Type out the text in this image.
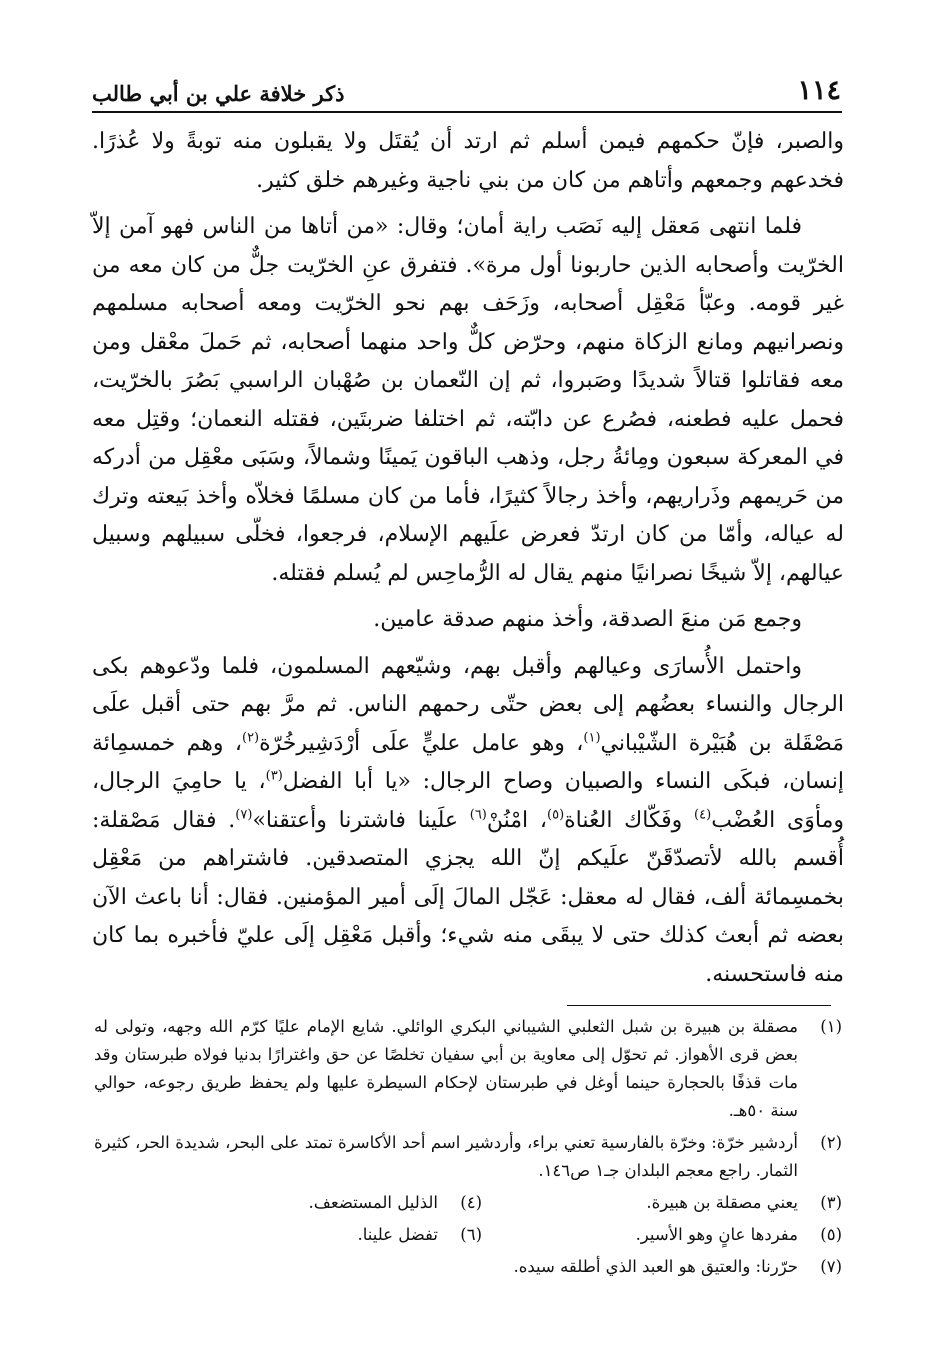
١١٤
ذكر خلافة علي بن أبي طالب

والصبر، فإنّ حكمهم فيمن أسلم ثم ارتد أن يُقتَل ولا يقبلون منه توبةً ولا عُذرًا. فخدعهم وجمعهم وأتاهم من كان من بني ناجية وغيرهم خلق كثير.

فلما انتهى مَعقل إليه نَصَب راية أمان؛ وقال: «من أتاها من الناس فهو آمن إلاّ الخرّيت وأصحابه الذين حاربونا أول مرة». فتفرق عنِ الخرّيت جلٌّ من كان معه من غير قومه. وعبّأ مَعْقِل أصحابه، وزَحَف بهم نحو الخرّيت ومعه أصحابه مسلمهم ونصرانيهم ومانع الزكاة منهم، وحرّض كلٌّ واحد منهما أصحابه، ثم حَملَ معْقل ومن معه فقاتلوا قتالاً شديدًا وصَبروا، ثم إن النّعمان بن صُهْبان الراسبي بَصُرَ بالخرّيت، فحمل عليه فطعنه، فصُرع عن دابّته، ثم اختلفا ضربتَين، فقتله النعمان؛ وقتِل معه في المعركة سبعون ومِائةُ رجل، وذهب الباقون يَمينًا وشمالاً، وسَبَى معْقِل من أدركه من حَريمهم وذَراريهم، وأخذ رجالاً كثيرًا، فأما من كان مسلمًا فخلاّه وأخذ بَيعته وترك له عياله، وأمّا من كان ارتدّ فعرض علَيهم الإسلام، فرجعوا، فخلّى سبيلهم وسبيل عيالهم، إلاّ شيخًا نصرانيًا منهم يقال له الرُّماحِس لم يُسلم فقتله.

وجمع مَن منعَ الصدقة، وأخذ منهم صدقة عامين.

واحتمل الأُسارَى وعيالهم وأقبل بهم، وشيّعهم المسلمون، فلما ودّعوهم بكى الرجال والنساء بعضُهم إلى بعض حتّى رحمهم الناس. ثم مرَّ بهم حتى أقبل علَى مَصْقَلة بن هُبَيْرة الشّيْباني$^{(١)}$، وهو عامل عليٍّ علَى أرْدَشِيرخُرّة$^{(٢)}$، وهم خمسمِائة إنسان، فبكَى النساء والصبيان وصاح الرجال: «يا أبا الفضل$^{(٣)}$، يا حامِيَ الرجال، ومأوَى العُضْب$^{(٤)}$ وفَكّاك العُناة$^{(٥)}$، امْنُنْ$^{(٦)}$ علَينا فاشترنا وأعتقنا»$^{(٧)}$. فقال مَصْقلة: أُقسم بالله لأتصدّقَنّ علَيكم إنّ الله يجزي المتصدقين. فاشتراهم من مَعْقِل بخمسِمائة ألف، فقال له معقل: عَجّل المالَ إلَى أمير المؤمنين. فقال: أنا باعث الآن بعضه ثم أبعث كذلك حتى لا يبقَى منه شيء؛ وأقبل مَعْقِل إلَى عليّ فأخبره بما كان منه فاستحسنه.

(١)
مصقلة بن هبيرة بن شبل الثعلبي الشيباني البكري الوائلي. شايع الإمام عليًا كرّم الله وجهه، وتولى له بعض قرى الأهواز. ثم تحوّل إلى معاوية بن أبي سفيان تخلصًا عن حق واغترارًا بدنيا فولاه طبرستان وقد مات قذفًا بالحجارة حينما أوغل في طبرستان لإحكام السيطرة عليها ولم يحفظ طريق رجوعه، حوالي سنة ٥٠هـ.
(٢)
أردشير خرّة: وخرّة بالفارسية تعني براء، وأردشير اسم أحد الأكاسرة تمتد على البحر، شديدة الحر، كثيرة الثمار. راجع معجم البلدان جـ١ ص١٤٦.
(٣)
يعني مصقلة بن هبيرة.
(٤)
الذليل المستضعف.
(٥)
مفردها عانٍ وهو الأسير.
(٦)
تفضل علينا.
(٧)
حرّرنا: والعتيق هو العبد الذي أطلقه سيده.
